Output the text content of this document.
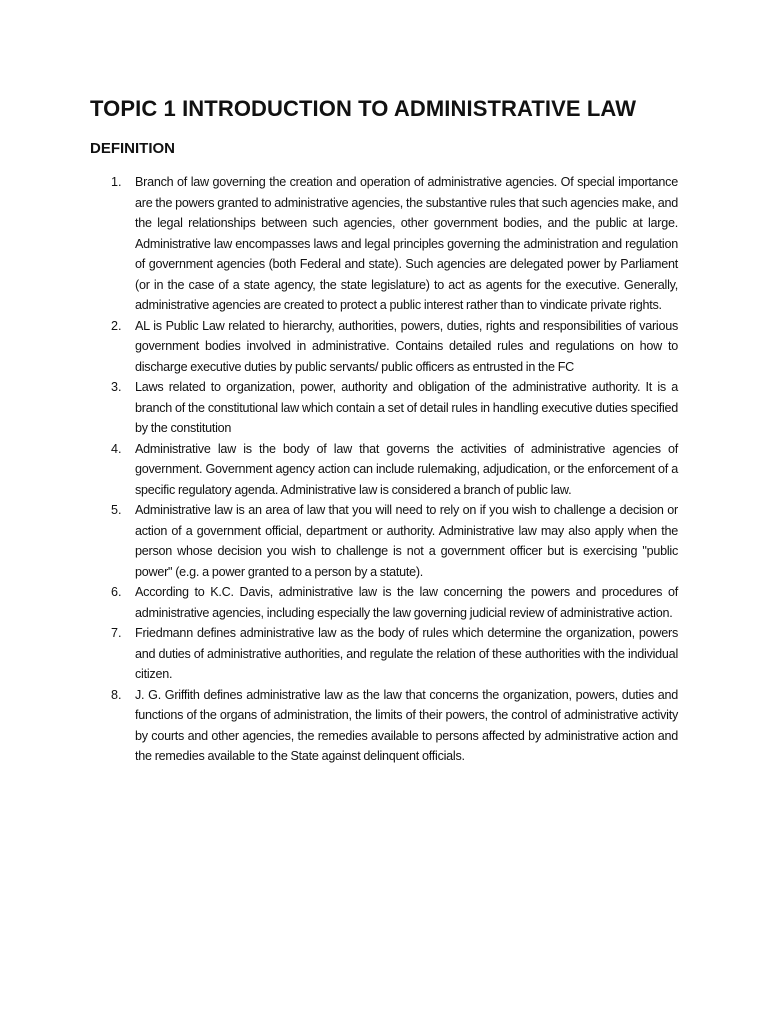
TOPIC 1 INTRODUCTION TO ADMINISTRATIVE LAW
DEFINITION
1. Branch of law governing the creation and operation of administrative agencies. Of special importance are the powers granted to administrative agencies, the substantive rules that such agencies make, and the legal relationships between such agencies, other government bodies, and the public at large. Administrative law encompasses laws and legal principles governing the administration and regulation of government agencies (both Federal and state). Such agencies are delegated power by Parliament (or in the case of a state agency, the state legislature) to act as agents for the executive. Generally, administrative agencies are created to protect a public interest rather than to vindicate private rights.
2. AL is Public Law related to hierarchy, authorities, powers, duties, rights and responsibilities of various government bodies involved in administrative. Contains detailed rules and regulations on how to discharge executive duties by public servants/ public officers as entrusted in the FC
3. Laws related to organization, power, authority and obligation of the administrative authority. It is a branch of the constitutional law which contain a set of detail rules in handling executive duties specified by the constitution
4. Administrative law is the body of law that governs the activities of administrative agencies of government. Government agency action can include rulemaking, adjudication, or the enforcement of a specific regulatory agenda. Administrative law is considered a branch of public law.
5. Administrative law is an area of law that you will need to rely on if you wish to challenge a decision or action of a government official, department or authority. Administrative law may also apply when the person whose decision you wish to challenge is not a government officer but is exercising "public power" (e.g. a power granted to a person by a statute).
6. According to K.C. Davis, administrative law is the law concerning the powers and procedures of administrative agencies, including especially the law governing judicial review of administrative action.
7. Friedmann defines administrative law as the body of rules which determine the organization, powers and duties of administrative authorities, and regulate the relation of these authorities with the individual citizen.
8. J. G. Griffith defines administrative law as the law that concerns the organization, powers, duties and functions of the organs of administration, the limits of their powers, the control of administrative activity by courts and other agencies, the remedies available to persons affected by administrative action and the remedies available to the State against delinquent officials.
